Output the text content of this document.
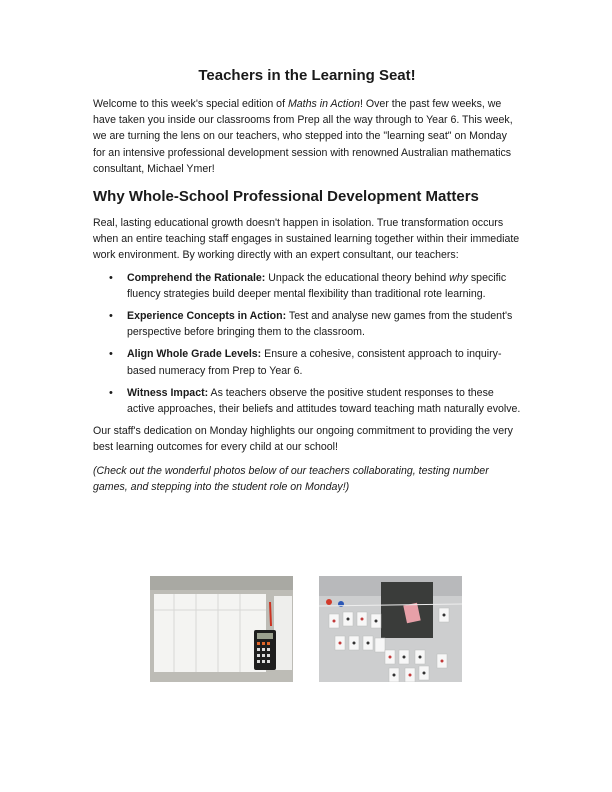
Teachers in the Learning Seat!

Welcome to this week's special edition of Maths in Action! Over the past few weeks, we have taken you inside our classrooms from Prep all the way through to Year 6. This week, we are turning the lens on our teachers, who stepped into the "learning seat" on Monday for an intensive professional development session with renowned Australian mathematics consultant, Michael Ymer!

Why Whole-School Professional Development Matters

Real, lasting educational growth doesn't happen in isolation. True transformation occurs when an entire teaching staff engages in sustained learning together within their immediate work environment. By working directly with an expert consultant, our teachers:

• Comprehend the Rationale: Unpack the educational theory behind why specific fluency strategies build deeper mental flexibility than traditional rote learning.
• Experience Concepts in Action: Test and analyse new games from the student's perspective before bringing them to the classroom.
• Align Whole Grade Levels: Ensure a cohesive, consistent approach to inquiry-based numeracy from Prep to Year 6.
• Witness Impact: As teachers observe the positive student responses to these active approaches, their beliefs and attitudes toward teaching math naturally evolve.

Our staff's dedication on Monday highlights our ongoing commitment to providing the very best learning outcomes for every child at our school!

(Check out the wonderful photos below of our teachers collaborating, testing number games, and stepping into the student role on Monday!)
